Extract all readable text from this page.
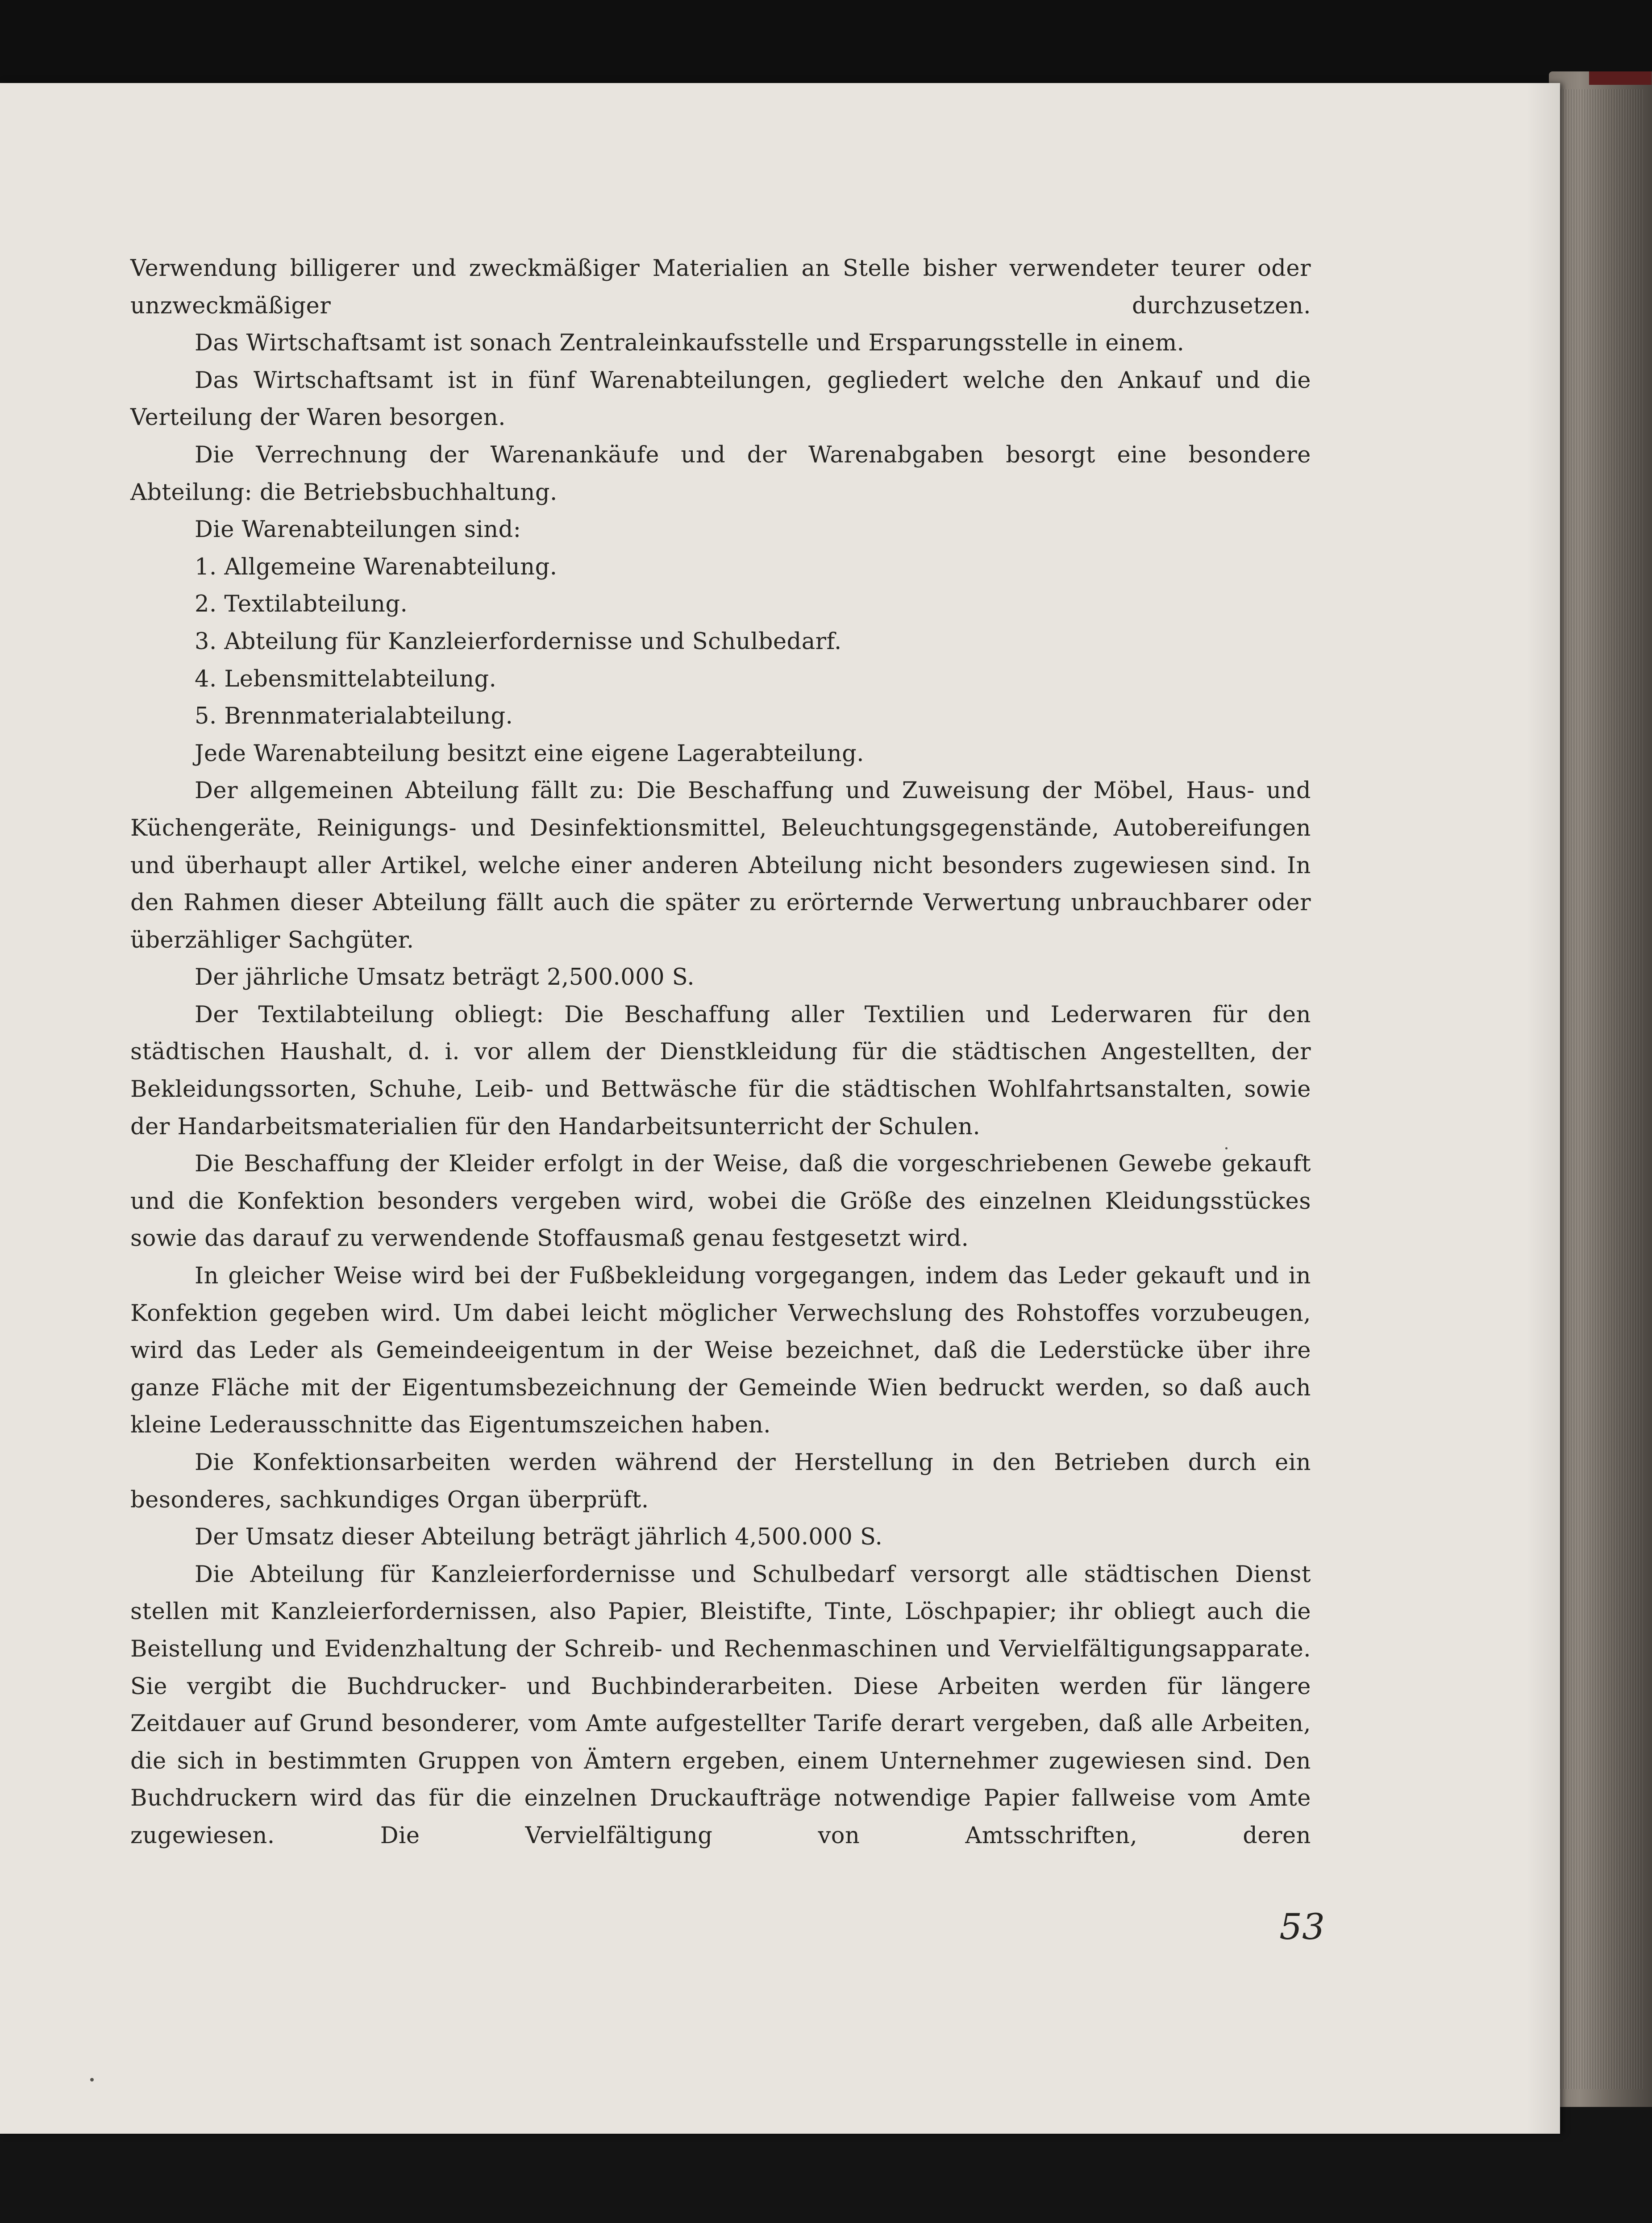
Verwendung billigerer und zweckmäßiger Materialien an Stelle bisher verwendeter teurer oder unzweckmäßiger durchzusetzen.

Das Wirtschaftsamt ist sonach Zentraleinkaufsstelle und Ersparungsstelle in einem.

Das Wirtschaftsamt ist in fünf Warenabteilungen, gegliedert welche den Ankauf und die Verteilung der Waren besorgen.

Die Verrechnung der Warenankäufe und der Warenabgaben besorgt eine besondere Abteilung: die Betriebsbuchhaltung.

Die Warenabteilungen sind:

1. Allgemeine Warenabteilung.

2. Textilabteilung.

3. Abteilung für Kanzleierfordernisse und Schulbedarf.

4. Lebensmittelabteilung.

5. Brennmaterialabteilung.

Jede Warenabteilung besitzt eine eigene Lagerabteilung.

Der allgemeinen Abteilung fällt zu: Die Beschaffung und Zuweisung der Möbel, Haus- und Küchengeräte, Reinigungs- und Desinfektionsmittel, Beleuchtungsgegenstände, Autobereifungen und überhaupt aller Artikel, welche einer anderen Abteilung nicht besonders zugewiesen sind. In den Rahmen dieser Abteilung fällt auch die später zu erörternde Verwertung unbrauchbarer oder überzähliger Sachgüter.

Der jährliche Umsatz beträgt 2,500.000 S.

Der Textilabteilung obliegt: Die Beschaffung aller Textilien und Lederwaren für den städtischen Haushalt, d. i. vor allem der Dienstkleidung für die städtischen Angestellten, der Bekleidungssorten, Schuhe, Leib- und Bettwäsche für die städtischen Wohlfahrtsanstalten, sowie der Handarbeitsmaterialien für den Handarbeitsunterricht der Schulen.

Die Beschaffung der Kleider erfolgt in der Weise, daß die vorgeschriebenen Gewebe gekauft und die Konfektion besonders vergeben wird, wobei die Größe des einzelnen Kleidungsstückes sowie das darauf zu verwendende Stoffausmaß genau festgesetzt wird.

In gleicher Weise wird bei der Fußbekleidung vorgegangen, indem das Leder gekauft und in Konfektion gegeben wird. Um dabei leicht möglicher Verwechslung des Rohstoffes vorzubeugen, wird das Leder als Gemeindeeigentum in der Weise bezeichnet, daß die Lederstücke über ihre ganze Fläche mit der Eigentumsbezeichnung der Gemeinde Wien bedruckt werden, so daß auch kleine Lederausschnitte das Eigentumszeichen haben.

Die Konfektionsarbeiten werden während der Herstellung in den Betrieben durch ein besonderes, sachkundiges Organ überprüft.

Der Umsatz dieser Abteilung beträgt jährlich 4,500.000 S.

Die Abteilung für Kanzleierfordernisse und Schulbedarf versorgt alle städtischen Dienst stellen mit Kanzleierfordernissen, also Papier, Bleistifte, Tinte, Löschpapier; ihr obliegt auch die Beistellung und Evidenzhaltung der Schreib- und Rechenmaschinen und Vervielfältigungsapparate. Sie vergibt die Buchdrucker- und Buchbinderarbeiten. Diese Arbeiten werden für längere Zeitdauer auf Grund besonderer, vom Amte aufgestellter Tarife derart vergeben, daß alle Arbeiten, die sich in bestimmten Gruppen von Ämtern ergeben, einem Unternehmer zugewiesen sind. Den Buchdruckern wird das für die einzelnen Druckaufträge notwendige Papier fallweise vom Amte zugewiesen. Die Vervielfältigung von Amtsschriften, deren

53
